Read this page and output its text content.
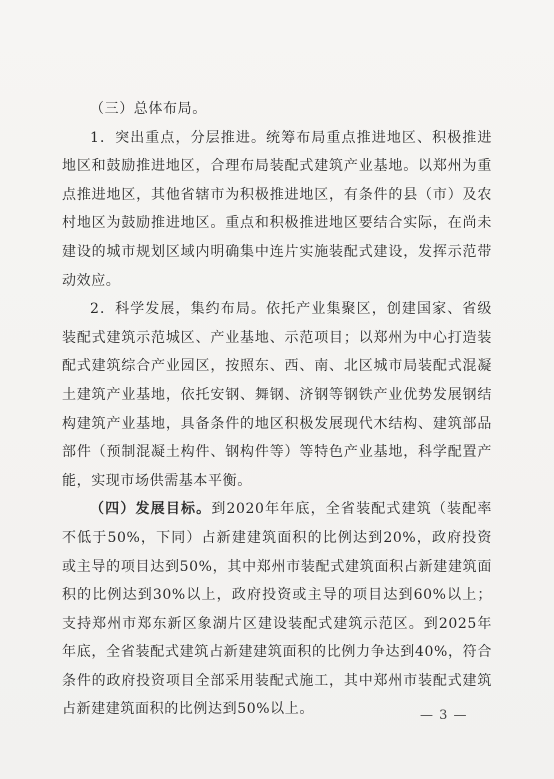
（三）总体布局。

1．突出重点，分层推进。统筹布局重点推进地区、积极推进地区和鼓励推进地区，合理布局装配式建筑产业基地。以郑州为重点推进地区，其他省辖市为积极推进地区，有条件的县（市）及农村地区为鼓励推进地区。重点和积极推进地区要结合实际，在尚未建设的城市规划区域内明确集中连片实施装配式建设，发挥示范带动效应。

2．科学发展，集约布局。依托产业集聚区，创建国家、省级装配式建筑示范城区、产业基地、示范项目；以郑州为中心打造装配式建筑综合产业园区，按照东、西、南、北区城市局装配式混凝土建筑产业基地，依托安钢、舞钢、济钢等钢铁产业优势发展钢结构建筑产业基地，具备条件的地区积极发展现代木结构、建筑部品部件（预制混凝土构件、钢构件等）等特色产业基地，科学配置产能，实现市场供需基本平衡。

（四）发展目标。到2020年年底，全省装配式建筑（装配率不低于50%，下同）占新建建筑面积的比例达到20%，政府投资或主导的项目达到50%，其中郑州市装配式建筑面积占新建建筑面积的比例达到30%以上，政府投资或主导的项目达到60%以上；支持郑州市郑东新区象湖片区建设装配式建筑示范区。到2025年年底，全省装配式建筑占新建建筑面积的比例力争达到40%，符合条件的政府投资项目全部采用装配式施工，其中郑州市装配式建筑占新建建筑面积的比例达到50%以上。	— 3 —
